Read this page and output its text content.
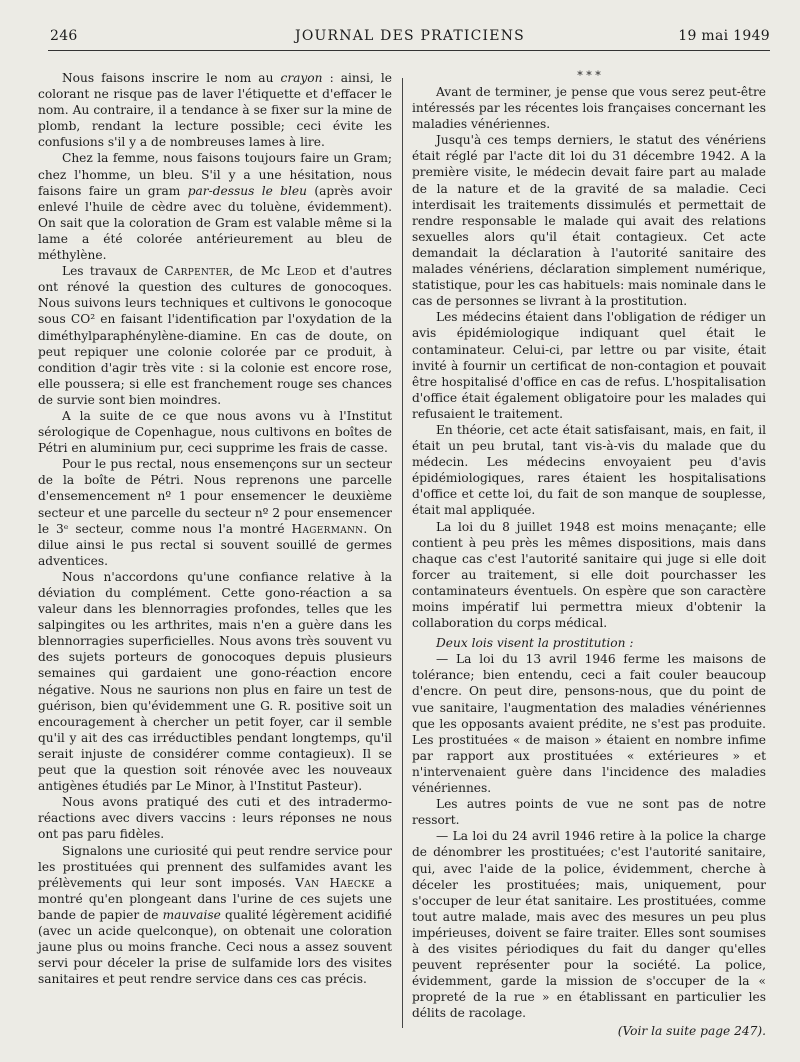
246	JOURNAL DES PRATICIENS	19 mai 1949

Nous faisons inscrire le nom au crayon : ainsi, le colorant ne risque pas de laver l'étiquette et d'effacer le nom. Au contraire, il a tendance à se fixer sur la mine de plomb, rendant la lecture possible; ceci évite les confusions s'il y a de nombreuses lames à lire.

Chez la femme, nous faisons toujours faire un Gram; chez l'homme, un bleu. S'il y a une hésitation, nous faisons faire un gram par-dessus le bleu (après avoir enlevé l'huile de cèdre avec du toluène, évidemment). On sait que la coloration de Gram est valable même si la lame a été colorée antérieurement au bleu de méthylène.

Les travaux de Carpenter, de Mc Leod et d'autres ont rénové la question des cultures de gonocoques. Nous suivons leurs techniques et cultivons le gonocoque sous CO² en faisant l'identification par l'oxydation de la diméthylparaphénylène-diamine. En cas de doute, on peut repiquer une colonie colorée par ce produit, à condition d'agir très vite : si la colonie est encore rose, elle poussera; si elle est franchement rouge ses chances de survie sont bien moindres.

A la suite de ce que nous avons vu à l'Institut sérologique de Copenhague, nous cultivons en boîtes de Pétri en aluminium pur, ceci supprime les frais de casse.

Pour le pus rectal, nous ensemençons sur un secteur de la boîte de Pétri. Nous reprenons une parcelle d'ensemencement nº 1 pour ensemencer le deuxième secteur et une parcelle du secteur nº 2 pour ensemencer le 3ᵉ secteur, comme nous l'a montré Hagermann. On dilue ainsi le pus rectal si souvent souillé de germes adventices.

Nous n'accordons qu'une confiance relative à la déviation du complément. Cette gono-réaction a sa valeur dans les blennorragies profondes, telles que les salpingites ou les arthrites, mais n'en a guère dans les blennorragies superficielles. Nous avons très souvent vu des sujets porteurs de gonocoques depuis plusieurs semaines qui gardaient une gono-réaction encore négative. Nous ne saurions non plus en faire un test de guérison, bien qu'évidemment une G. R. positive soit un encouragement à chercher un petit foyer, car il semble qu'il y ait des cas irréductibles pendant longtemps, qu'il serait injuste de considérer comme contagieux). Il se peut que la question soit rénovée avec les nouveaux antigènes étudiés par Le Minor, à l'Institut Pasteur).

Nous avons pratiqué des cuti et des intradermo-réactions avec divers vaccins : leurs réponses ne nous ont pas paru fidèles.

Signalons une curiosité qui peut rendre service pour les prostituées qui prennent des sulfamides avant les prélèvements qui leur sont imposés. Van Haecke a montré qu'en plongeant dans l'urine de ces sujets une bande de papier de mauvaise qualité légèrement acidifié (avec un acide quelconque), on obtenait une coloration jaune plus ou moins franche. Ceci nous a assez souvent servi pour déceler la prise de sulfamide lors des visites sanitaires et peut rendre service dans ces cas précis.

* * *

Avant de terminer, je pense que vous serez peut-être intéressés par les récentes lois françaises concernant les maladies vénériennes.

Jusqu'à ces temps derniers, le statut des vénériens était réglé par l'acte dit loi du 31 décembre 1942. A la première visite, le médecin devait faire part au malade de la nature et de la gravité de sa maladie. Ceci interdisait les traitements dissimulés et permettait de rendre responsable le malade qui avait des relations sexuelles alors qu'il était contagieux. Cet acte demandait la déclaration à l'autorité sanitaire des malades vénériens, déclaration simplement numérique, statistique, pour les cas habituels: mais nominale dans le cas de personnes se livrant à la prostitution.

Les médecins étaient dans l'obligation de rédiger un avis épidémiologique indiquant quel était le contaminateur. Celui-ci, par lettre ou par visite, était invité à fournir un certificat de non-contagion et pouvait être hospitalisé d'office en cas de refus. L'hospitalisation d'office était également obligatoire pour les malades qui refusaient le traitement.

En théorie, cet acte était satisfaisant, mais, en fait, il était un peu brutal, tant vis-à-vis du malade que du médecin. Les médecins envoyaient peu d'avis épidémiologiques, rares étaient les hospitalisations d'office et cette loi, du fait de son manque de souplesse, était mal appliquée.

La loi du 8 juillet 1948 est moins menaçante; elle contient à peu près les mêmes dispositions, mais dans chaque cas c'est l'autorité sanitaire qui juge si elle doit forcer au traitement, si elle doit pourchasser les contaminateurs éventuels. On espère que son caractère moins impératif lui permettra mieux d'obtenir la collaboration du corps médical.

Deux lois visent la prostitution :

— La loi du 13 avril 1946 ferme les maisons de tolérance; bien entendu, ceci a fait couler beaucoup d'encre. On peut dire, pensons-nous, que du point de vue sanitaire, l'augmentation des maladies vénériennes que les opposants avaient prédite, ne s'est pas produite. Les prostituées « de maison » étaient en nombre infime par rapport aux prostituées « extérieures » et n'intervenaient guère dans l'incidence des maladies vénériennes.

Les autres points de vue ne sont pas de notre ressort.

— La loi du 24 avril 1946 retire à la police la charge de dénombrer les prostituées; c'est l'autorité sanitaire, qui, avec l'aide de la police, évidemment, cherche à déceler les prostituées; mais, uniquement, pour s'occuper de leur état sanitaire. Les prostituées, comme tout autre malade, mais avec des mesures un peu plus impérieuses, doivent se faire traiter. Elles sont soumises à des visites périodiques du fait du danger qu'elles peuvent représenter pour la société. La police, évidemment, garde la mission de s'occuper de la « propreté de la rue » en établissant en particulier les délits de racolage.

(Voir la suite page 247).
